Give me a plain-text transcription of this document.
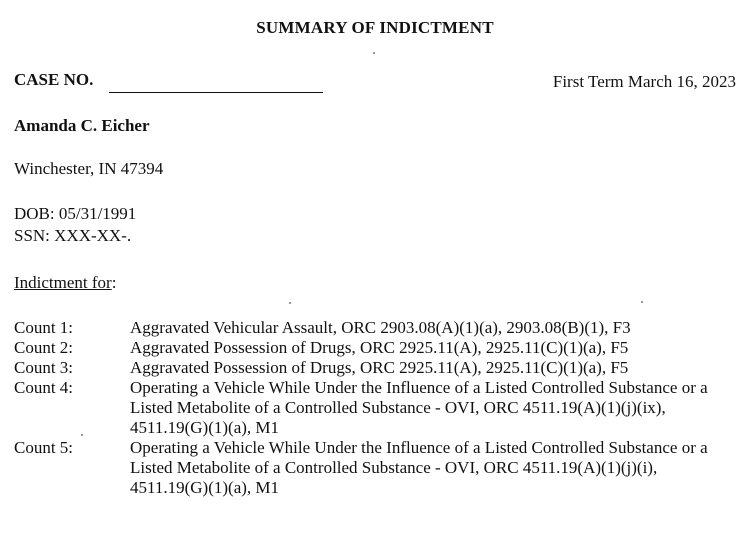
SUMMARY OF INDICTMENT
CASE NO.	First Term March 16, 2023
Amanda C. Eicher
Winchester, IN 47394
DOB: 05/31/1991
SSN: XXX-XX-.
Indictment for:
Count 1:	Aggravated Vehicular Assault, ORC 2903.08(A)(1)(a), 2903.08(B)(1), F3
Count 2:	Aggravated Possession of Drugs, ORC 2925.11(A), 2925.11(C)(1)(a), F5
Count 3:	Aggravated Possession of Drugs, ORC 2925.11(A), 2925.11(C)(1)(a), F5
Count 4:	Operating a Vehicle While Under the Influence of a Listed Controlled Substance or a Listed Metabolite of a Controlled Substance - OVI, ORC 4511.19(A)(1)(j)(ix), 4511.19(G)(1)(a), M1
Count 5:	Operating a Vehicle While Under the Influence of a Listed Controlled Substance or a Listed Metabolite of a Controlled Substance - OVI, ORC 4511.19(A)(1)(j)(i), 4511.19(G)(1)(a), M1
